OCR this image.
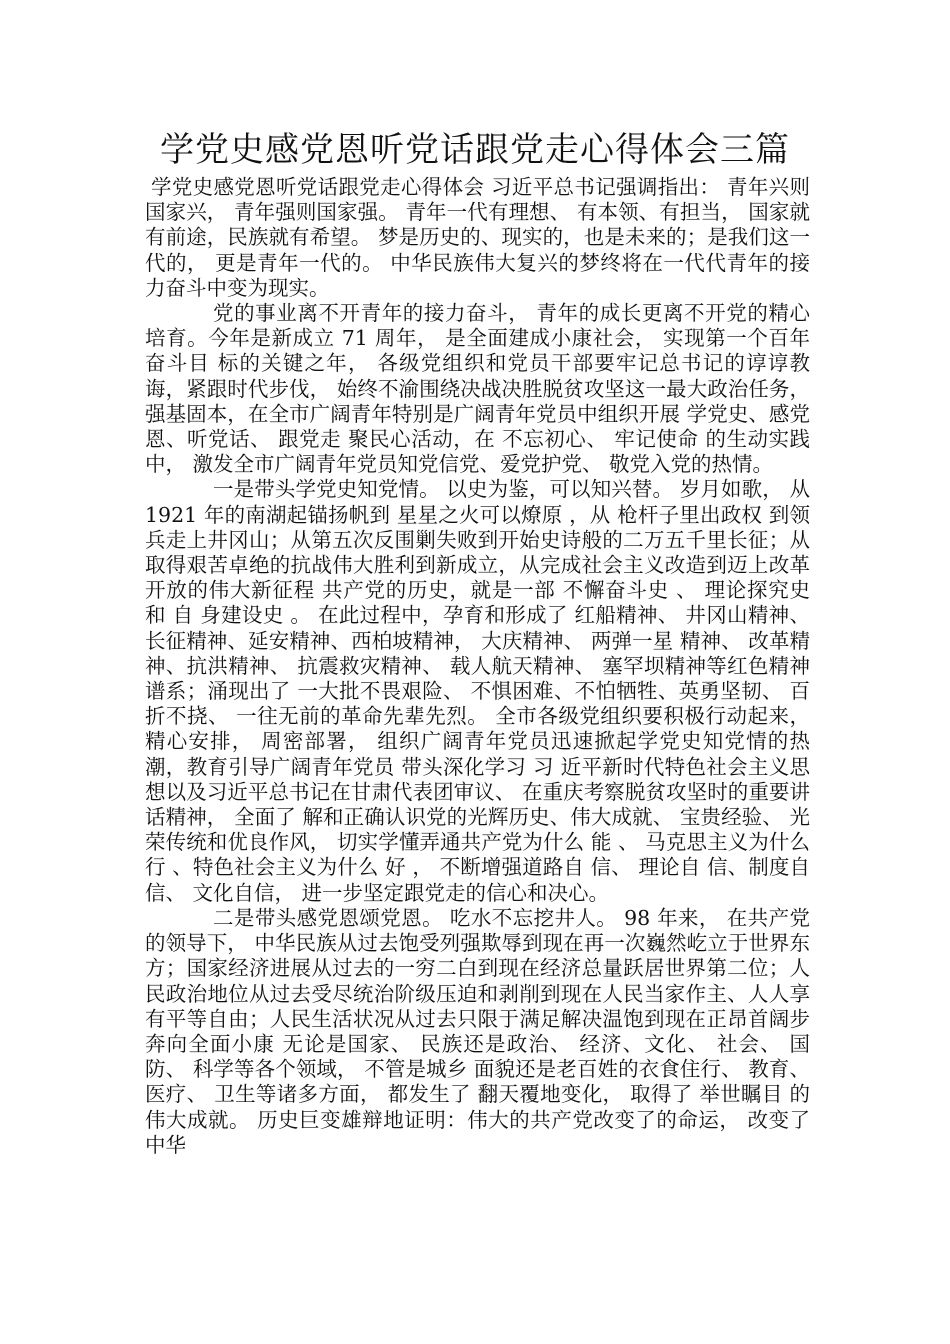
学党史感党恩听党话跟党走心得体会三篇

学党史感党恩听党话跟党走心得体会 习近平总书记强调指出： 青年兴则国家兴， 青年强则国家强。 青年一代有理想、 有本领、有担当， 国家就有前途，民族就有希望。 梦是历史的、现实的，也是未来的；是我们这一代的， 更是青年一代的。 中华民族伟大复兴的梦终将在一代代青年的接力奋斗中变为现实。

党的事业离不开青年的接力奋斗， 青年的成长更离不开党的精心培育。今年是新成立 71 周年， 是全面建成小康社会， 实现第一个百年奋斗目 标的关键之年， 各级党组织和党员干部要牢记总书记的谆谆教诲，紧跟时代步伐， 始终不渝围绕决战决胜脱贫攻坚这一最大政治任务， 强基固本，在全市广阔青年特别是广阔青年党员中组织开展 学党史、感党恩、听党话、 跟党走 聚民心活动，在 不忘初心、 牢记使命 的生动实践中， 激发全市广阔青年党员知党信党、爱党护党、 敬党入党的热情。

一是带头学党史知党情。 以史为鉴，可以知兴替。 岁月如歌， 从 1921 年的南湖起锚扬帆到 星星之火可以燎原 ，从 枪杆子里出政权 到领兵走上井冈山；从第五次反围剿失败到开始史诗般的二万五千里长征；从取得艰苦卓绝的抗战伟大胜利到新成立，从完成社会主义改造到迈上改革开放的伟大新征程 共产党的历史，就是一部 不懈奋斗史 、 理论探究史 和 自 身建设史 。 在此过程中，孕育和形成了 红船精神、 井冈山精神、 长征精神、延安精神、西柏坡精神， 大庆精神、 两弹一星 精神、 改革精神、抗洪精神、 抗震救灾精神、 载人航天精神、 塞罕坝精神等红色精神谱系；涌现出了 一大批不畏艰险、 不惧困难、不怕牺牲、英勇坚韧、 百折不挠、 一往无前的革命先辈先烈。 全市各级党组织要积极行动起来， 精心安排， 周密部署， 组织广阔青年党员迅速掀起学党史知党情的热潮，教育引导广阔青年党员 带头深化学习 习 近平新时代特色社会主义思想以及习近平总书记在甘肃代表团审议、 在重庆考察脱贫攻坚时的重要讲话精神， 全面了 解和正确认识党的光辉历史、伟大成就、 宝贵经验、 光荣传统和优良作风， 切实学懂弄通共产党为什么 能 、 马克思主义为什么 行 、特色社会主义为什么 好 ， 不断增强道路自 信、 理论自 信、制度自信、 文化自信， 进一步坚定跟党走的信心和决心。

二是带头感党恩颂党恩。 吃水不忘挖井人。 98 年来， 在共产党的领导下， 中华民族从过去饱受列强欺辱到现在再一次巍然屹立于世界东方；国家经济进展从过去的一穷二白到现在经济总量跃居世界第二位；人民政治地位从过去受尽统治阶级压迫和剥削到现在人民当家作主、人人享有平等自由；人民生活状况从过去只限于满足解决温饱到现在正昂首阔步奔向全面小康 无论是国家、 民族还是政治、 经济、文化、 社会、 国防、 科学等各个领域， 不管是城乡 面貌还是老百姓的衣食住行、 教育、医疗、 卫生等诸多方面， 都发生了 翻天覆地变化， 取得了 举世瞩目 的伟大成就。 历史巨变雄辩地证明：伟大的共产党改变了的命运， 改变了 中华
